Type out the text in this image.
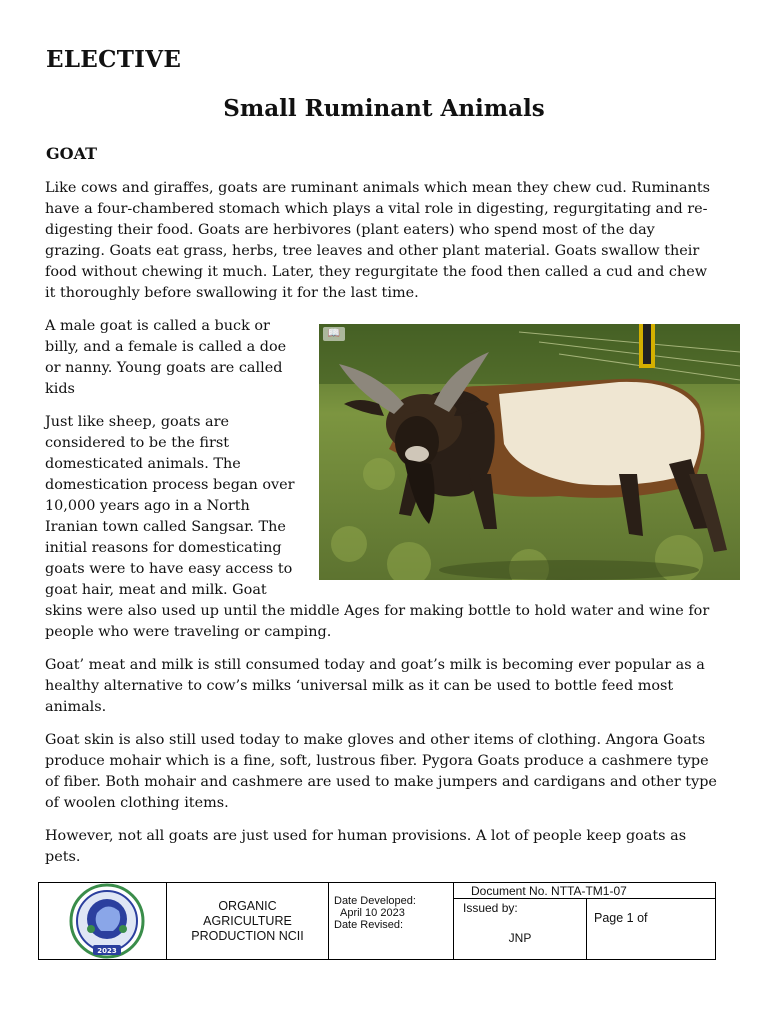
ELECTIVE
Small Ruminant Animals
GOAT

Like cows and giraffes, goats are ruminant animals which mean they chew cud. Ruminants have a four-chambered stomach which plays a vital role in digesting, regurgitating and re-digesting their food. Goats are herbivores (plant eaters) who spend most of the day grazing. Goats eat grass, herbs, tree leaves and other plant material. Goats swallow their food without chewing it much. Later, they regurgitate the food then called a cud and chew it thoroughly before swallowing it for the last time.

📖
A male goat is called a buck or billy, and a female is called a doe or nanny. Young goats are called kids

Just like sheep, goats are considered to be the first domesticated animals. The domestication process began over 10,000 years ago in a North Iranian town called Sangsar. The initial reasons for domesticating goats were to have easy access to goat hair, meat and milk. Goat skins were also used up until the middle Ages for making bottle to hold water and wine for people who were traveling or camping.

Goat’ meat and milk is still consumed today and goat’s milk is becoming ever popular as a healthy alternative to cow’s milks ‘universal milk as it can be used to bottle feed most animals.

Goat skin is also still used today to make gloves and other items of clothing. Angora Goats produce mohair which is a fine, soft, lustrous fiber. Pygora Goats produce a cashmere type of fiber. Both mohair and cashmere are used to make jumpers and cardigans and other type of woolen clothing items.

However, not all goats are just used for human provisions. A lot of people keep goats as pets.

2023
ORGANIC AGRICULTURE PRODUCTION NCII
Date Developed:
April 10 2023
Date Revised:
Document No. NTTA-TM1-07
Issued by:
JNP
Page 1 of
